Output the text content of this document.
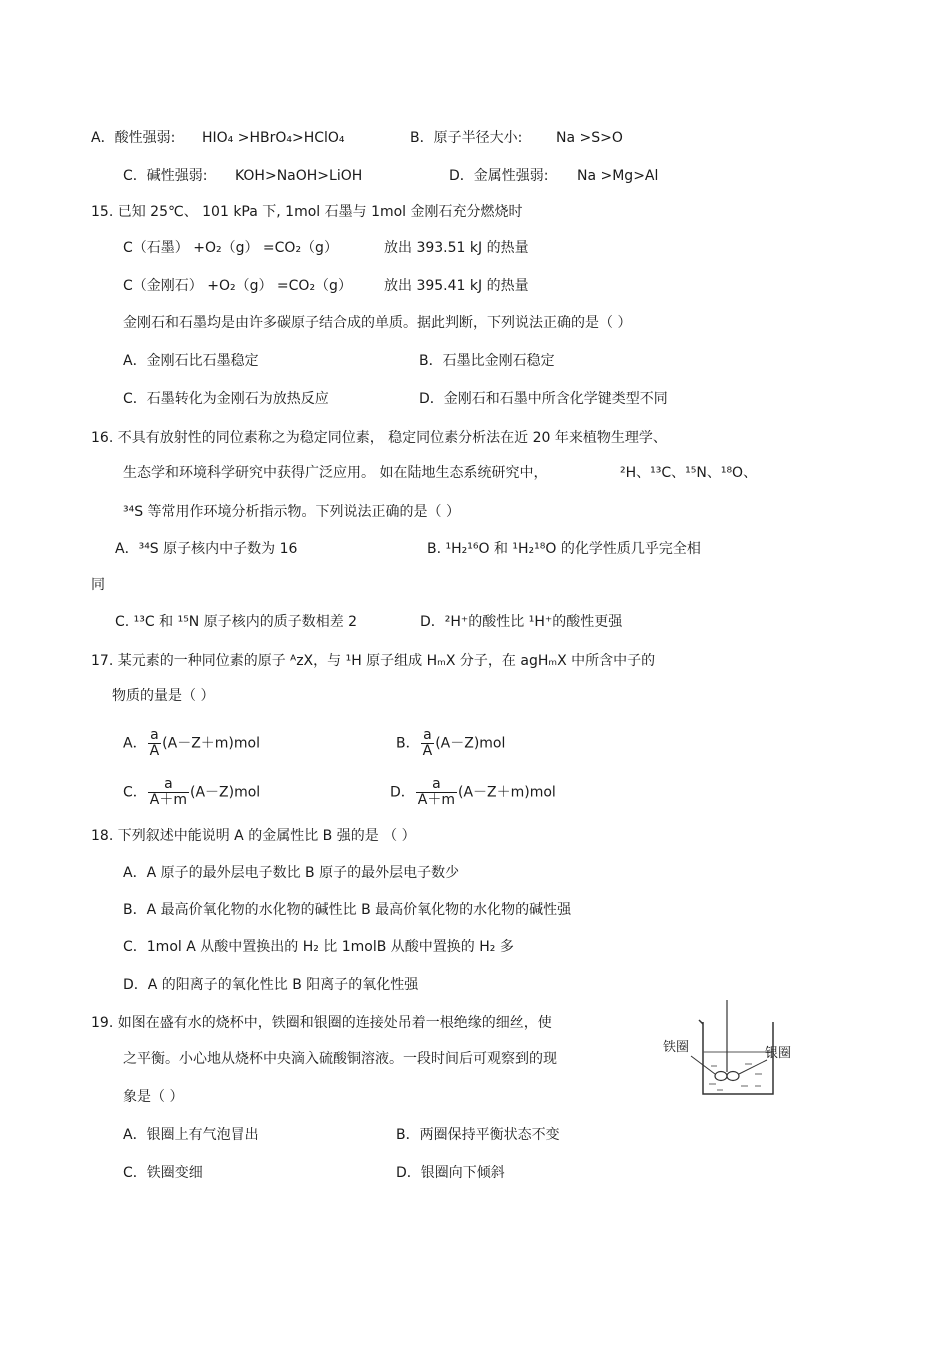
A．酸性强弱: HIO₄ >HBrO₄>HClO₄	B．原子半径大小: Na >S>O
C．碱性强弱: KOH>NaOH>LiOH	D．金属性强弱: Na >Mg>Al
15. 已知 25℃、 101 kPa 下, 1mol 石墨与 1mol 金刚石充分燃烧时
C（石墨） +O₂（g） =CO₂（g）	放出 393.51 kJ 的热量
C（金刚石） +O₂（g） =CO₂（g） 放出 395.41 kJ 的热量
金刚石和石墨均是由许多碳原子结合成的单质。据此判断，下列说法正确的是（ ）
A．金刚石比石墨稳定	B．石墨比金刚石稳定
C．石墨转化为金刚石为放热反应	D．金刚石和石墨中所含化学键类型不同
16. 不具有放射性的同位素称之为稳定同位素， 稳定同位素分析法在近 20 年来植物生理学、
生态学和环境科学研究中获得广泛应用。 如在陆地生态系统研究中，	²H、¹³C、¹⁵N、¹⁸O、
³⁴S 等常用作环境分析指示物。下列说法正确的是（ ）
A．³⁴S 原子核内中子数为 16	B. ¹H₂¹⁶O 和 ¹H₂¹⁸O 的化学性质几乎完全相
同
C. ¹³C 和 ¹⁵N 原子核内的质子数相差 2	D．²H⁺的酸性比 ¹H⁺的酸性更强
17. 某元素的一种同位素的原子 ᴬzX，与 ¹H 原子组成 HₘX 分子，在 agHₘX 中所含中子的
物质的量是（ ）
A． $\frac{a}{A} (A-Z+m)mol$	B． $\frac{a}{A} (A-Z)mol$
C． $\frac{a}{A+m} (A-Z)mol$	D． $\frac{a}{A+m} (A-Z+m)mol$
18. 下列叙述中能说明 A 的金属性比 B 强的是 （ ）
A．A 原子的最外层电子数比 B 原子的最外层电子数少
B．A 最高价氧化物的水化物的碱性比 B 最高价氧化物的水化物的碱性强
C．1mol A 从酸中置换出的 H₂ 比 1molB 从酸中置换的 H₂ 多
D．A 的阳离子的氧化性比 B 阳离子的氧化性强
19. 如图在盛有水的烧杯中，铁圈和银圈的连接处吊着一根绝缘的细丝，使
之平衡。小心地从烧杯中央滴入硫酸铜溶液。一段时间后可观察到的现
象是（ ）
A．银圈上有气泡冒出	B．两圈保持平衡状态不变
C．铁圈变细	D．银圈向下倾斜
铁圈	银圈
